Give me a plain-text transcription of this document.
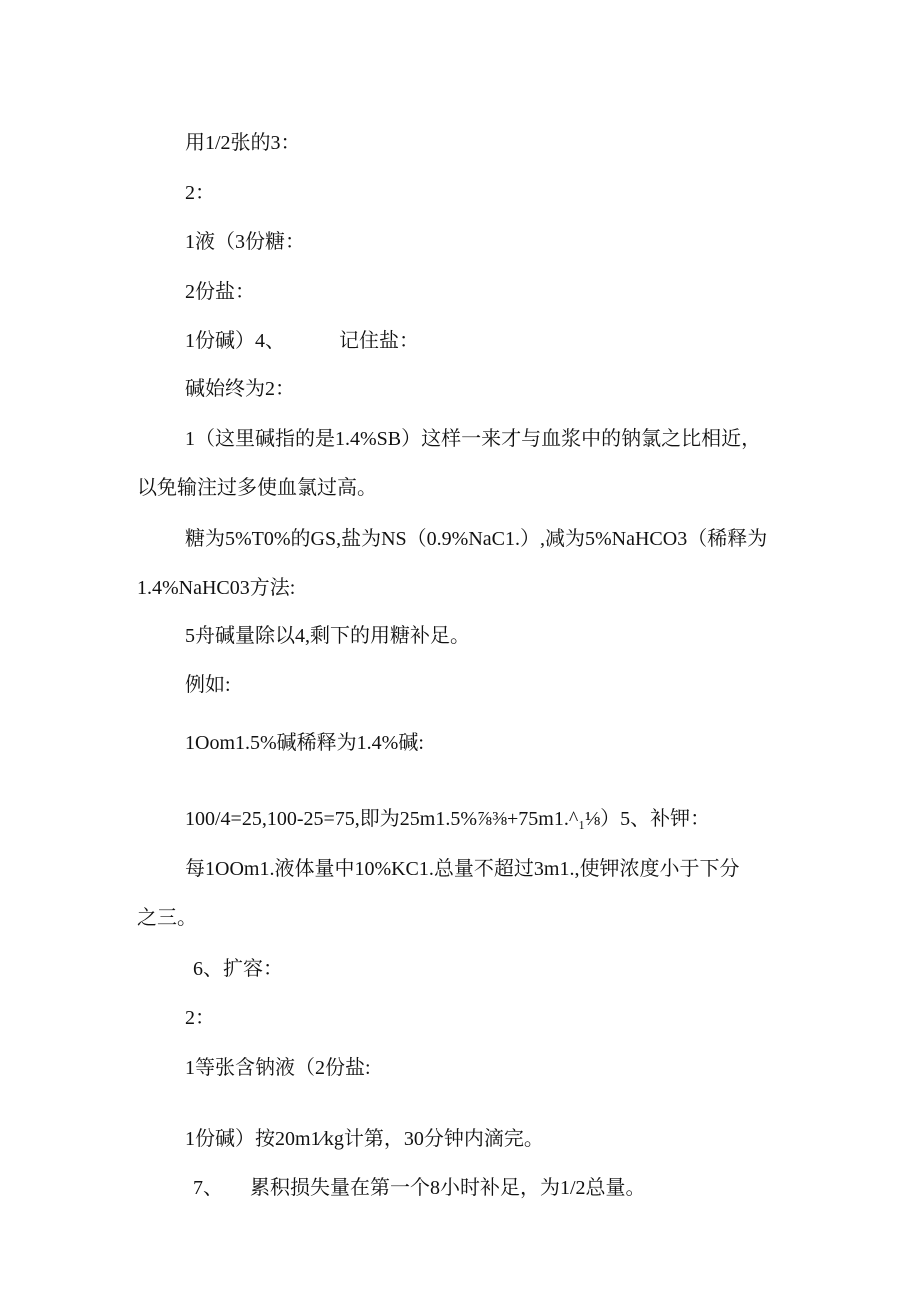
用1/2张的3：

2：

1液（3份糖：

2份盐：

1份碱）4、	记住盐：

碱始终为2：

1（这里碱指的是1.4%SB）这样一来才与血浆中的钠氯之比相近，

以免输注过多使血氯过高。

糖为5%T0%的GS,盐为NS（0.9%NaC1.）,减为5%NaHCO3（稀释为

1.4%NaHC03方法:

5舟碱量除以4,剩下的用糖补足。

例如:

1Oom1.5%碱稀释为1.4%碱:

100/4=25,100-25=75,即为25m1.5%⅞⅜+75m1.^₁⅛）5、补钾：

每1OOm1.液体量中10%KC1.总量不超过3m1.,使钾浓度小于下分

之三。

6、扩容：

2：

1等张含钠液（2份盐:

1份碱）按20m1∕kg计第，30分钟内滴完。

7、 累积损失量在第一个8小时补足，为1/2总量。
